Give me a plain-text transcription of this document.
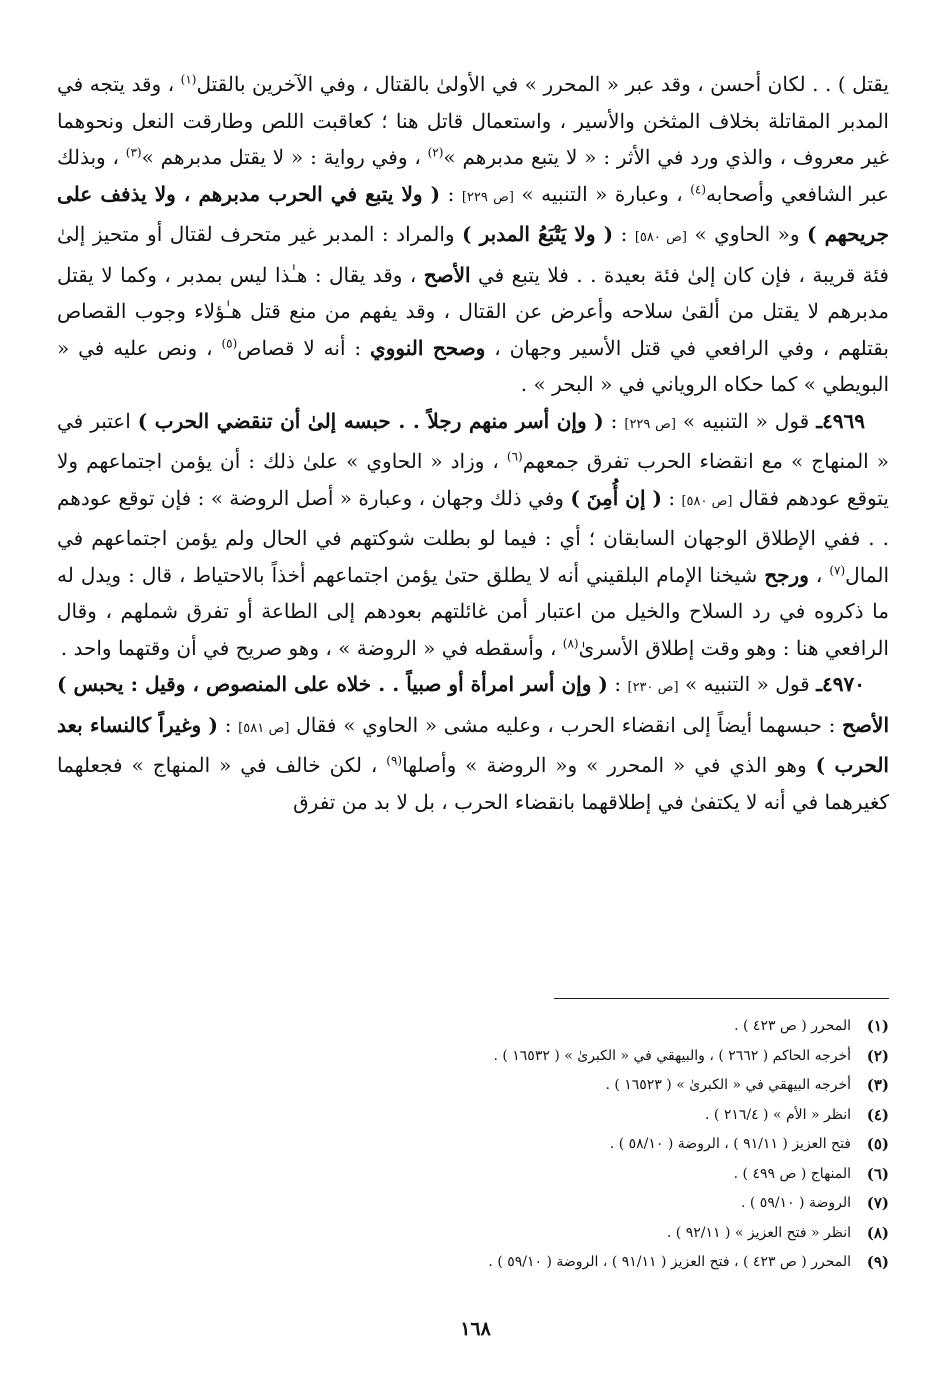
يقتل ) . . لكان أحسن ، وقد عبر « المحرر » في الأولىٰ بالقتال ، وفي الآخرين بالقتل$^{(١)}$ ، وقد يتجه في المدبر المقاتلة بخلاف المثخن والأسير ، واستعمال قاتل هنا ؛ كعاقبت اللص وطارقت النعل ونحوهما غير معروف ، والذي ورد في الأثر : « لا يتبع مدبرهم »$^{(٢)}$ ، وفي رواية : « لا يقتل مدبرهم »$^{(٣)}$ ، وبذلك عبر الشافعي وأصحابه$^{(٤)}$ ، وعبارة « التنبيه » [ص ٢٢٩] : ( ولا يتبع في الحرب مدبرهم ، ولا يذفف على جريحهم ) و« الحاوي » [ص ٥٨٠] : ( ولا يَتْبَعُ المدبر ) والمراد : المدبر غير متحرف لقتال أو متحيز إلىٰ فئة قريبة ، فإن كان إلىٰ فئة بعيدة . . فلا يتبع في الأصح ، وقد يقال : هـٰذا ليس بمدبر ، وكما لا يقتل مدبرهم لا يقتل من ألقىٰ سلاحه وأعرض عن القتال ، وقد يفهم من منع قتل هـٰؤلاء وجوب القصاص بقتلهم ، وفي الرافعي في قتل الأسير وجهان ، وصحح النووي : أنه لا قصاص$^{(٥)}$ ، ونص عليه في « البويطي » كما حكاه الروياني في « البحر » .

٤٩٦٩ـ قول « التنبيه » [ص ٢٢٩] : ( وإن أسر منهم رجلاً . . حبسه إلىٰ أن تنقضي الحرب ) اعتبر في « المنهاج » مع انقضاء الحرب تفرق جمعهم$^{(٦)}$ ، وزاد « الحاوي » علىٰ ذلك : أن يؤمن اجتماعهم ولا يتوقع عودهم فقال [ص ٥٨٠] : ( إن أُمِنَ ) وفي ذلك وجهان ، وعبارة « أصل الروضة » : فإن توقع عودهم . . ففي الإطلاق الوجهان السابقان ؛ أي : فيما لو بطلت شوكتهم في الحال ولم يؤمن اجتماعهم في المال$^{(٧)}$ ، ورجح شيخنا الإمام البلقيني أنه لا يطلق حتىٰ يؤمن اجتماعهم أخذاً بالاحتياط ، قال : ويدل له ما ذكروه في رد السلاح والخيل من اعتبار أمن غائلتهم بعودهم إلى الطاعة أو تفرق شملهم ، وقال الرافعي هنا : وهو وقت إطلاق الأسرىٰ$^{(٨)}$ ، وأسقطه في « الروضة » ، وهو صريح في أن وقتهما واحد .

٤٩٧٠ـ قول « التنبيه » [ص ٢٣٠] : ( وإن أسر امرأة أو صبياً . . خلاه على المنصوص ، وقيل : يحبس ) الأصح : حبسهما أيضاً إلى انقضاء الحرب ، وعليه مشى « الحاوي » فقال [ص ٥٨١] : ( وغيراً كالنساء بعد الحرب ) وهو الذي في « المحرر » و« الروضة » وأصلها$^{(٩)}$ ، لكن خالف في « المنهاج » فجعلهما كغيرهما في أنه لا يكتفىٰ في إطلاقهما بانقضاء الحرب ، بل لا بد من تفرق

(١)
المحرر ( ص ٤٢٣ ) .
(٢)
أخرجه الحاكم ( ٢٦٦٢ ) ، والبيهقي في « الكبرىٰ » ( ١٦٥٣٢ ) .
(٣)
أخرجه البيهقي في « الكبرىٰ » ( ١٦٥٢٣ ) .
(٤)
انظر « الأم » ( ٢١٦/٤ ) .
(٥)
فتح العزيز ( ٩١/١١ ) ، الروضة ( ٥٨/١٠ ) .
(٦)
المنهاج ( ص ٤٩٩ ) .
(٧)
الروضة ( ٥٩/١٠ ) .
(٨)
انظر « فتح العزيز » ( ٩٢/١١ ) .
(٩)
المحرر ( ص ٤٢٣ ) ، فتح العزيز ( ٩١/١١ ) ، الروضة ( ٥٩/١٠ ) .
١٦٨
